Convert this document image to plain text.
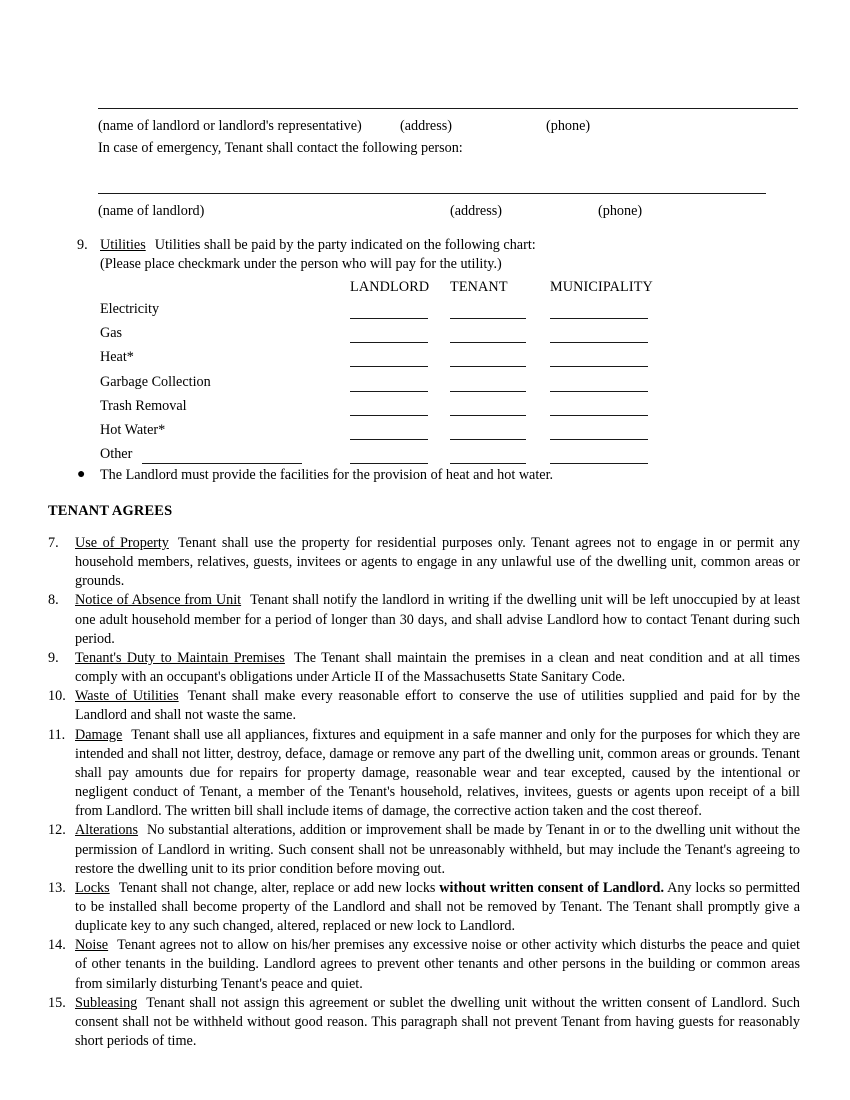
(name of landlord or landlord's representative)	(address)	(phone)
In case of emergency, Tenant shall contact the following person:
(name of landlord)	(address)	(phone)
9. Utilities Utilities shall be paid by the party indicated on the following chart:
(Please place checkmark under the person who will pay for the utility.)
LANDLORD TENANT	MUNICIPALITY
Electricity
Gas
Heat*
Garbage Collection
Trash Removal
Hot Water*
Other
●	The Landlord must provide the facilities for the provision of heat and hot water.
TENANT AGREES

7.	Use of Property Tenant shall use the property for residential purposes only. Tenant agrees not to engage in or permit any household members, relatives, guests, invitees or agents to engage in any unlawful use of the dwelling unit, common areas or grounds.

8.	Notice of Absence from Unit Tenant shall notify the landlord in writing if the dwelling unit will be left unoccupied by at least one adult household member for a period of longer than 30 days, and shall advise Landlord how to contact Tenant during such period.

9.	Tenant's Duty to Maintain Premises The Tenant shall maintain the premises in a clean and neat condition and at all times comply with an occupant's obligations under Article II of the Massachusetts State Sanitary Code.

10. Waste of Utilities Tenant shall make every reasonable effort to conserve the use of utilities supplied and paid for by the Landlord and shall not waste the same.

11. Damage Tenant shall use all appliances, fixtures and equipment in a safe manner and only for the purposes for which they are intended and shall not litter, destroy, deface, damage or remove any part of the dwelling unit, common areas or grounds. Tenant shall pay amounts due for repairs for property damage, reasonable wear and tear excepted, caused by the intentional or negligent conduct of Tenant, a member of the Tenant's household, relatives, invitees, guests or agents upon receipt of a bill from Landlord. The written bill shall include items of damage, the corrective action taken and the cost thereof.

12. Alterations No substantial alterations, addition or improvement shall be made by Tenant in or to the dwelling unit without the permission of Landlord in writing. Such consent shall not be unreasonably withheld, but may include the Tenant's agreeing to restore the dwelling unit to its prior condition before moving out.

13. Locks Tenant shall not change, alter, replace or add new locks without written consent of Landlord. Any locks so permitted to be installed shall become property of the Landlord and shall not be removed by Tenant. The Tenant shall promptly give a duplicate key to any such changed, altered, replaced or new lock to Landlord.

14. Noise Tenant agrees not to allow on his/her premises any excessive noise or other activity which disturbs the peace and quiet of other tenants in the building. Landlord agrees to prevent other tenants and other persons in the building or common areas from similarly disturbing Tenant's peace and quiet.

15. Subleasing Tenant shall not assign this agreement or sublet the dwelling unit without the written consent of Landlord. Such consent shall not be withheld without good reason. This paragraph shall not prevent Tenant from having guests for reasonably short periods of time.
